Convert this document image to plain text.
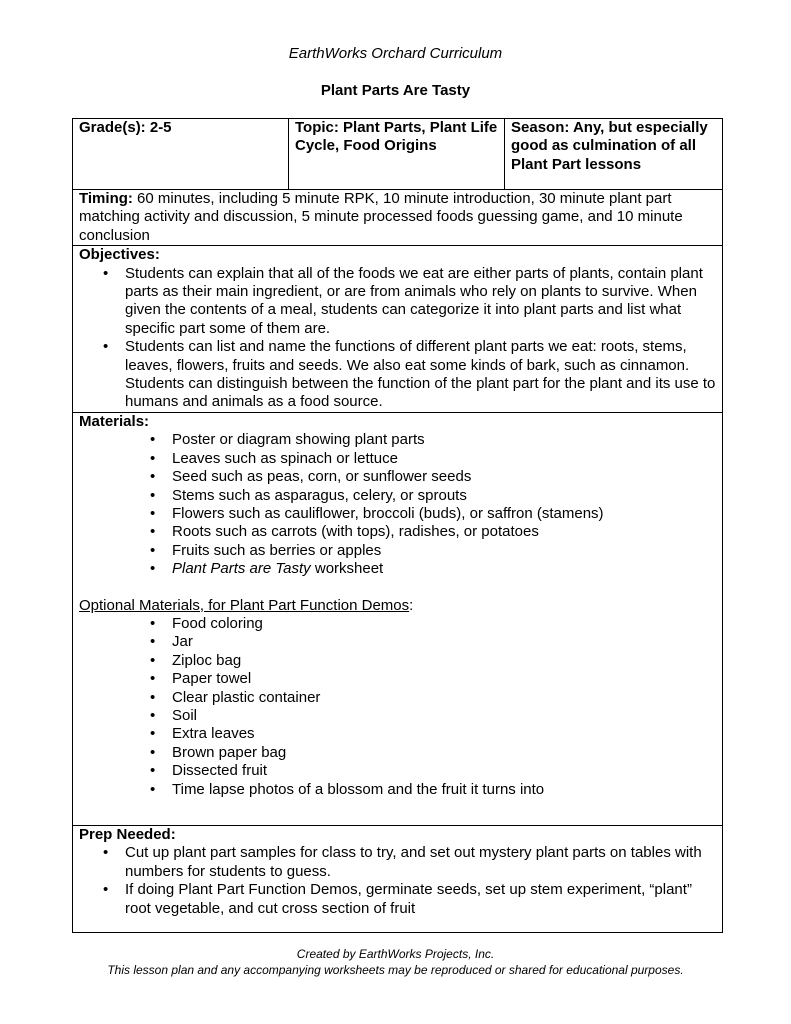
EarthWorks Orchard Curriculum
Plant Parts Are Tasty
Grade(s): 2-5	Topic: Plant Parts, Plant Life Cycle, Food Origins	Season: Any, but especially good as culmination of all Plant Part lessons
Timing: 60 minutes, including 5 minute RPK, 10 minute introduction, 30 minute plant part matching activity and discussion, 5 minute processed foods guessing game, and 10 minute conclusion

Objectives:
• Students can explain that all of the foods we eat are either parts of plants, contain plant parts as their main ingredient, or are from animals who rely on plants to survive. When given the contents of a meal, students can categorize it into plant parts and list what specific part some of them are.
• Students can list and name the functions of different plant parts we eat: roots, stems, leaves, flowers, fruits and seeds. We also eat some kinds of bark, such as cinnamon. Students can distinguish between the function of the plant part for the plant and its use to humans and animals as a food source.

Materials:
• Poster or diagram showing plant parts
• Leaves such as spinach or lettuce
• Seed such as peas, corn, or sunflower seeds
• Stems such as asparagus, celery, or sprouts
• Flowers such as cauliflower, broccoli (buds), or saffron (stamens)
• Roots such as carrots (with tops), radishes, or potatoes
• Fruits such as berries or apples
• Plant Parts are Tasty worksheet
Optional Materials, for Plant Part Function Demos:
• Food coloring
• Jar
• Ziploc bag
• Paper towel
• Clear plastic container
• Soil
• Extra leaves
• Brown paper bag
• Dissected fruit
• Time lapse photos of a blossom and the fruit it turns into

Prep Needed:
• Cut up plant part samples for class to try, and set out mystery plant parts on tables with numbers for students to guess.
• If doing Plant Part Function Demos, germinate seeds, set up stem experiment, “plant” root vegetable, and cut cross section of fruit
Created by EarthWorks Projects, Inc.
This lesson plan and any accompanying worksheets may be reproduced or shared for educational purposes.
